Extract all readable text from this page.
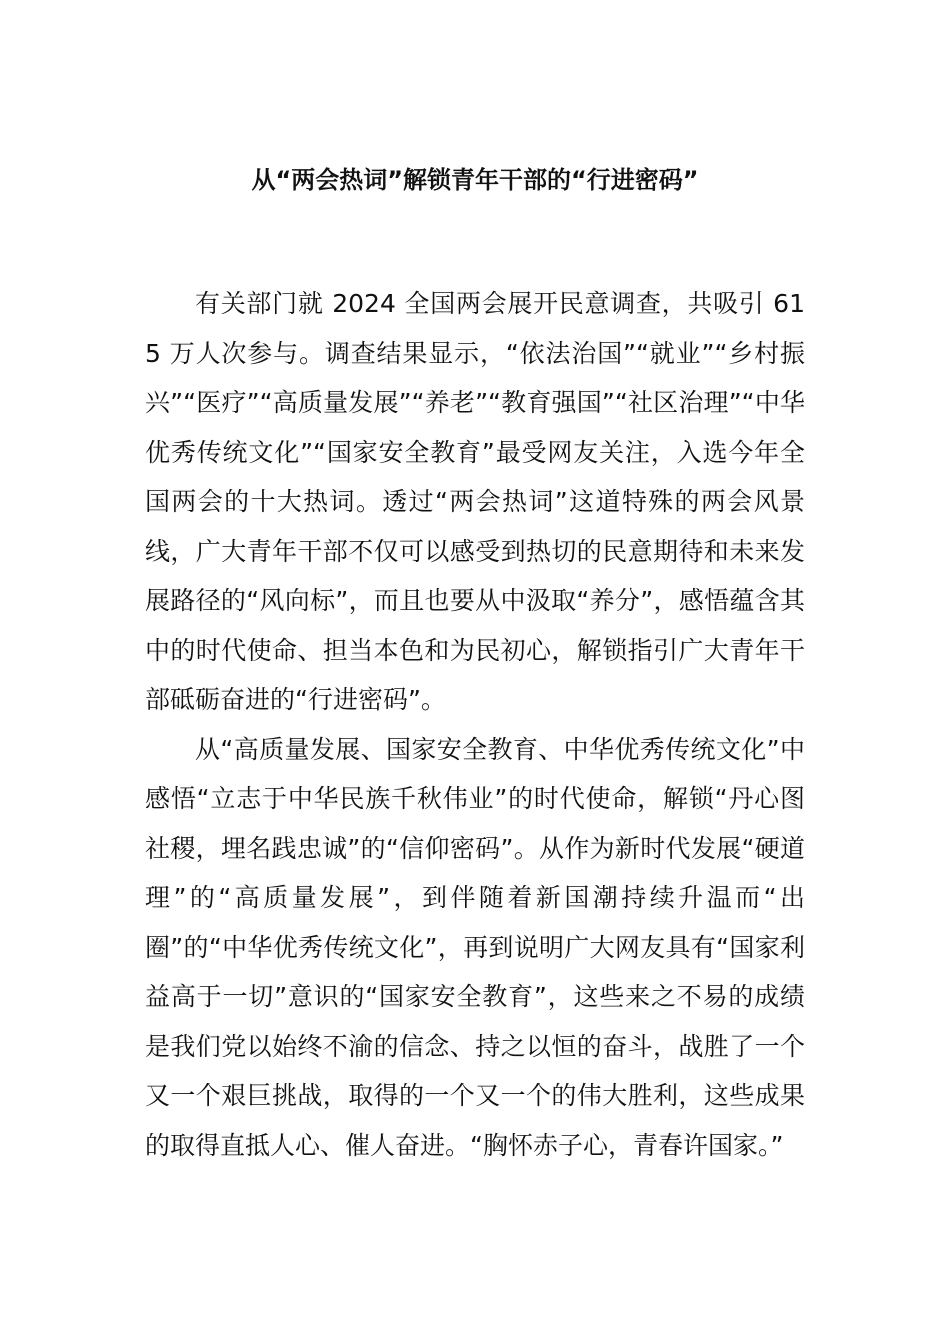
从“两会热词”解锁青年干部的“行进密码”

有关部门就 2024 全国两会展开民意调查，共吸引 615 万人次参与。调查结果显示，“依法治国”“就业”“乡村振兴”“医疗”“高质量发展”“养老”“教育强国”“社区治理”“中华优秀传统文化”“国家安全教育”最受网友关注，入选今年全国两会的十大热词。透过“两会热词”这道特殊的两会风景线，广大青年干部不仅可以感受到热切的民意期待和未来发展路径的“风向标”，而且也要从中汲取“养分”，感悟蕴含其中的时代使命、担当本色和为民初心，解锁指引广大青年干部砥砺奋进的“行进密码”。

从“高质量发展、国家安全教育、中华优秀传统文化”中感悟“立志于中华民族千秋伟业”的时代使命，解锁“丹心图社稷，埋名践忠诚”的“信仰密码”。从作为新时代发展“硬道理”的“高质量发展”，到伴随着新国潮持续升温而“出圈”的“中华优秀传统文化”，再到说明广大网友具有“国家利益高于一切”意识的“国家安全教育”，这些来之不易的成绩是我们党以始终不渝的信念、持之以恒的奋斗，战胜了一个又一个艰巨挑战，取得的一个又一个的伟大胜利，这些成果的取得直抵人心、催人奋进。“胸怀赤子心，青春许国家。”
